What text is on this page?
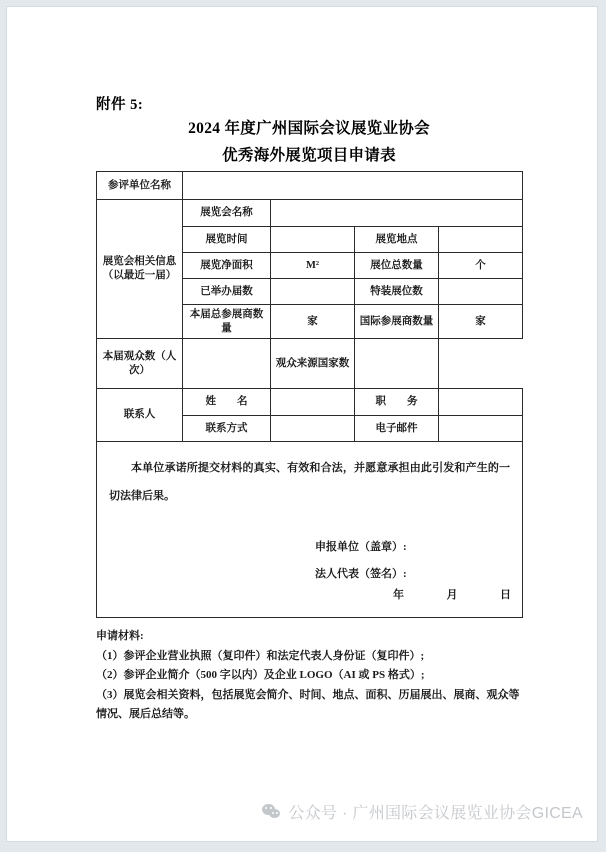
附件 5:
2024 年度广州国际会议展览业协会
优秀海外展览项目申请表
参评单位名称				
展览会相关信息（以最近一届）	展览会名称			
	展览时间		展览地点	
	展览净面积	M²	展位总数量	个
	已举办届数		特装展位数	
	本届总参展商数量	家	国际参展商数量	家
本届观众数（人次）		观众来源国家数		
联系人	姓　　名		职　　务	
	联系方式		电子邮件	

本单位承诺所提交材料的真实、有效和合法，并愿意承担由此引发和产生的一切法律后果。
申报单位（盖章）:
法人代表（签名）:
年	月	日
申请材料:
（1）参评企业营业执照（复印件）和法定代表人身份证（复印件）;
（2）参评企业简介（500 字以内）及企业 LOGO（AI 或 PS 格式）;
（3）展览会相关资料，包括展览会简介、时间、地点、面积、历届展出、展商、观众等情况、展后总结等。
公众号 · 广州国际会议展览业协会GICEA
